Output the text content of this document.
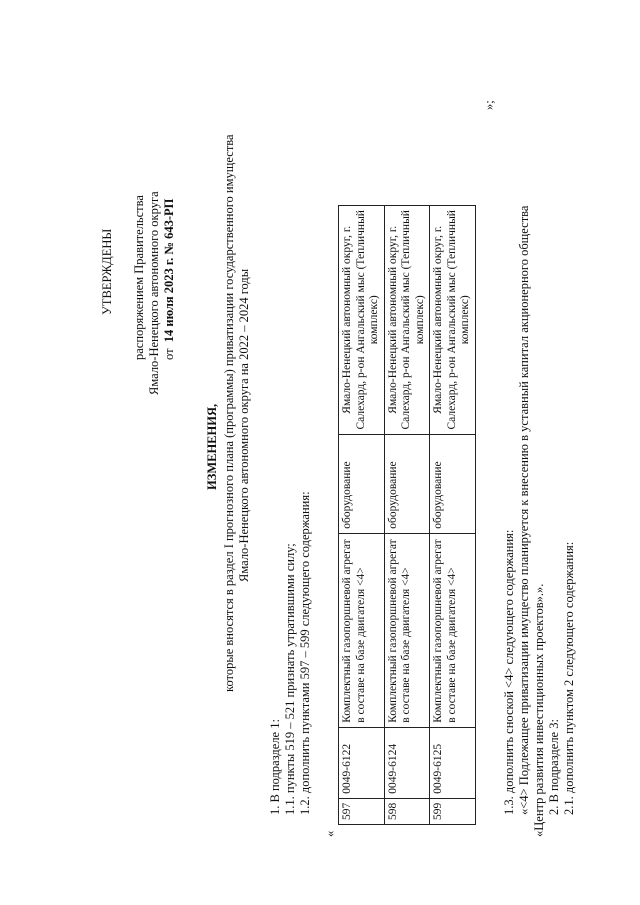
УТВЕРЖДЕНЫ распоряжением Правительства Ямало-Ненецкого автономного округа от  14 июля 2023 г. № 643-РП
ИЗМЕНЕНИЯ, которые вносятся в раздел I прогнозного плана (программы) приватизации государственного имущества Ямало-Ненецкого автономного округа на 2022 – 2024 годы
1. В подразделе 1: 1.1. пункты 519 – 521 признать утратившими силу; 1.2. дополнить пунктами 597 – 599 следующего содержания:
«
597	0049-6122	Комплектный газопоршневой агрегат в составе на базе двигателя <4>	оборудование	Ямало-Ненецкий автономный округ, г. Салехард, р-он Ангальский мыс (Тепличный комплекс)
598	0049-6124	Комплектный газопоршневой агрегат в составе на базе двигателя <4>	оборудование	Ямало-Ненецкий автономный округ, г. Салехард, р-он Ангальский мыс (Тепличный комплекс)
599	0049-6125	Комплектный газопоршневой агрегат в составе на базе двигателя <4>	оборудование	Ямало-Ненецкий автономный округ, г. Салехард, р-он Ангальский мыс (Тепличный комплекс)
»;
1.3. дополнить сноской <4> следующего содержания: «<4> Подлежащее приватизации имущество планируется к внесению в уставный капитал акционерного общества «Центр развития инвестиционных проектов».». 2. В подразделе 3: 2.1. дополнить пунктом 2 следующего содержания:
